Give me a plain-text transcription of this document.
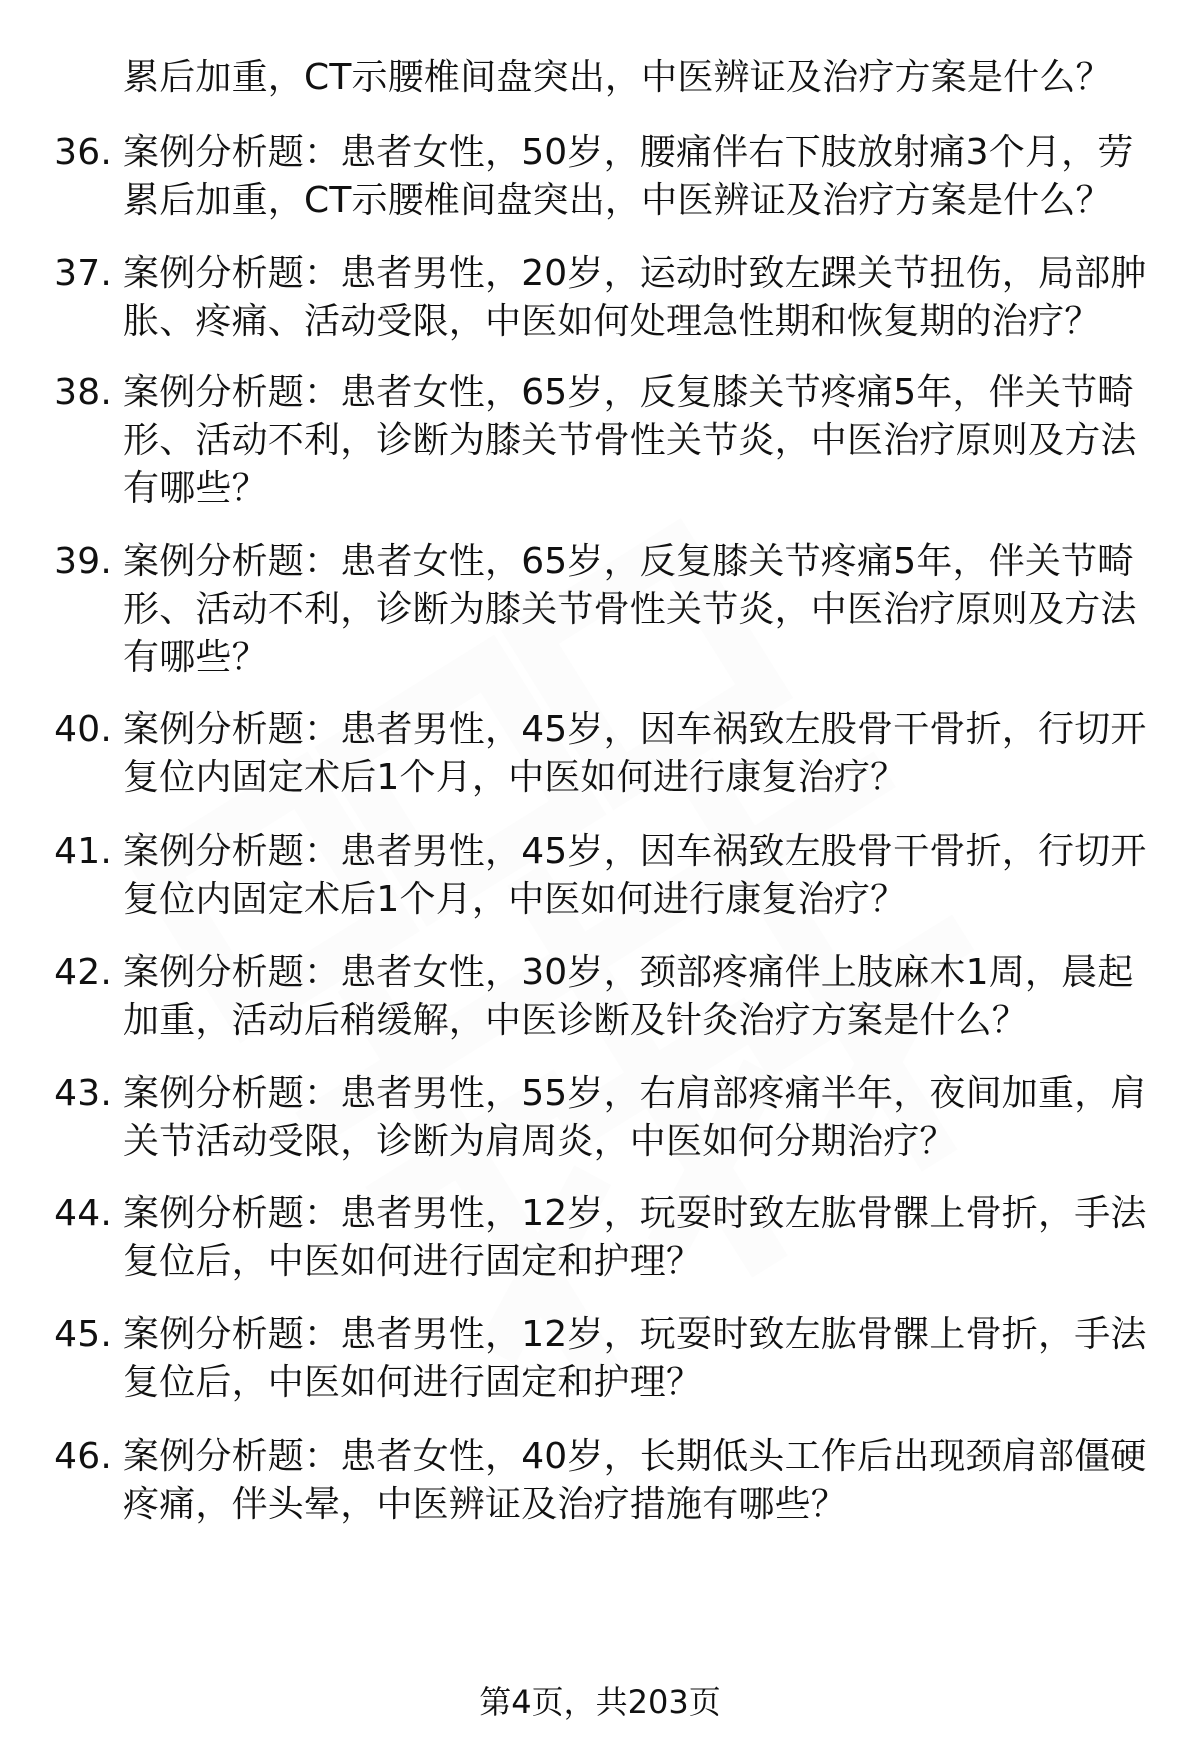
累后加重，CT示腰椎间盘突出，中医辨证及治疗方案是什么？
36. 案例分析题：患者女性，50岁，腰痛伴右下肢放射痛3个月，劳
累后加重，CT示腰椎间盘突出，中医辨证及治疗方案是什么？
37. 案例分析题：患者男性，20岁，运动时致左踝关节扭伤，局部肿
胀、疼痛、活动受限，中医如何处理急性期和恢复期的治疗？
38. 案例分析题：患者女性，65岁，反复膝关节疼痛5年，伴关节畸
形、活动不利，诊断为膝关节骨性关节炎，中医治疗原则及方法
有哪些？
39. 案例分析题：患者女性，65岁，反复膝关节疼痛5年，伴关节畸
形、活动不利，诊断为膝关节骨性关节炎，中医治疗原则及方法
有哪些？
40. 案例分析题：患者男性，45岁，因车祸致左股骨干骨折，行切开
复位内固定术后1个月，中医如何进行康复治疗？
41. 案例分析题：患者男性，45岁，因车祸致左股骨干骨折，行切开
复位内固定术后1个月，中医如何进行康复治疗？
42. 案例分析题：患者女性，30岁，颈部疼痛伴上肢麻木1周，晨起
加重，活动后稍缓解，中医诊断及针灸治疗方案是什么？
43. 案例分析题：患者男性，55岁，右肩部疼痛半年，夜间加重，肩
关节活动受限，诊断为肩周炎，中医如何分期治疗？
44. 案例分析题：患者男性，12岁，玩耍时致左肱骨髁上骨折，手法
复位后，中医如何进行固定和护理？
45. 案例分析题：患者男性，12岁，玩耍时致左肱骨髁上骨折，手法
复位后，中医如何进行固定和护理？
46. 案例分析题：患者女性，40岁，长期低头工作后出现颈肩部僵硬
疼痛，伴头晕，中医辨证及治疗措施有哪些？
第4页，共203页
